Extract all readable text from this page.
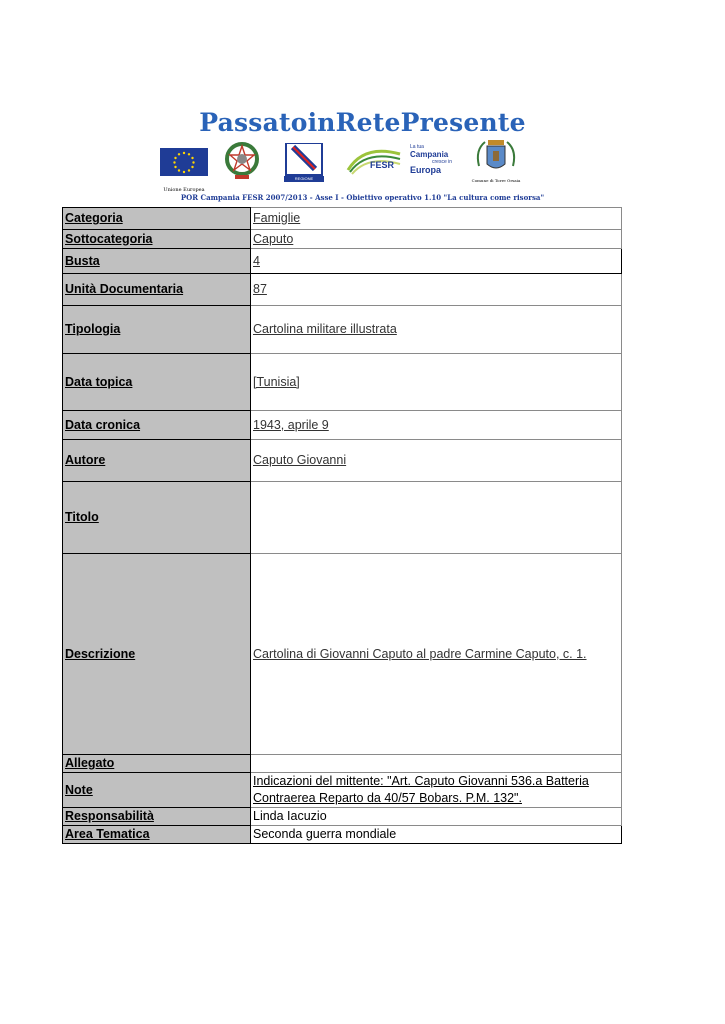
PassatoinRetePresente
Unione Europea
REGIONE CAMPANIA
FESR
La tua
Campania
cresce in
Europa
Comune di Torre Orsaia
POR Campania FESR 2007/2013 - Asse I - Obiettivo operativo 1.10 "La cultura come risorsa"
Categoria	Famiglie
Sottocategoria	Caputo
Busta	4
Unità Documentaria	87
Tipologia	Cartolina militare illustrata
Data topica	[Tunisia]
Data cronica	1943, aprile 9
Autore	Caputo Giovanni
Titolo	
Descrizione	Cartolina di Giovanni Caputo al padre Carmine Caputo, c. 1.
Allegato	
Note	Indicazioni del mittente: "Art. Caputo Giovanni 536.a Batteria Contraerea Reparto da 40/57 Bobars. P.M. 132".
Responsabilità	Linda Iacuzio
Area Tematica	Seconda guerra mondiale
